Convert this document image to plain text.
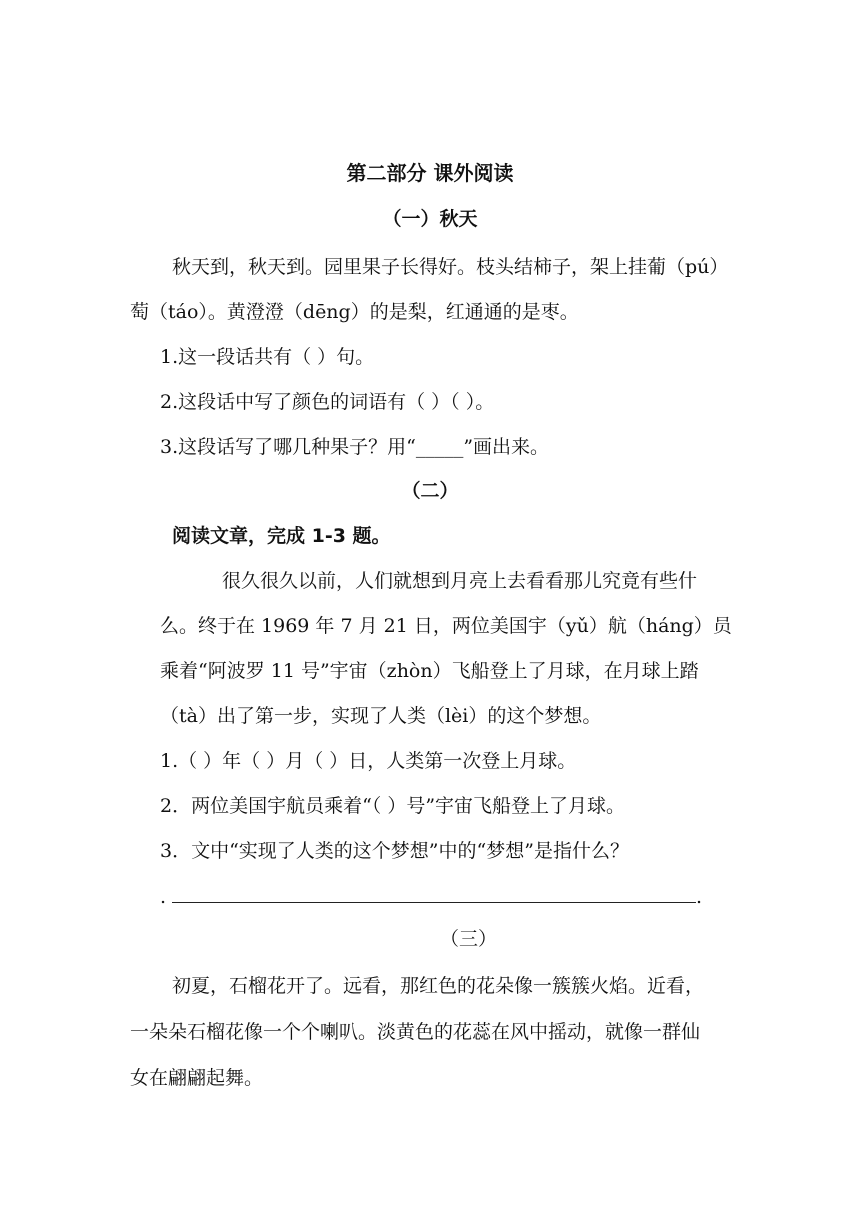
第二部分 课外阅读
（一）秋天
秋天到，秋天到。园里果子长得好。枝头结柿子，架上挂葡（pú）
萄（táo）。黄澄澄（dēng）的是梨，红通通的是枣。
1.这一段话共有（ ）句。
2.这段话中写了颜色的词语有（ ）（ ）。
3.这段话写了哪几种果子？用“_____”画出来。
（二）
阅读文章，完成 1-3 题。
很久很久以前，人们就想到月亮上去看看那儿究竟有些什
么。终于在 1969 年 7 月 21 日，两位美国宇（yǔ）航（háng）员
乘着“阿波罗 11 号”宇宙（zhòn）飞船登上了月球，在月球上踏
（tà）出了第一步，实现了人类（lèi）的这个梦想。
1.（ ）年（ ）月（ ）日，人类第一次登上月球。
2．两位美国宇航员乘着“（ ）号”宇宙飞船登上了月球。
3．文中“实现了人类的这个梦想”中的“梦想”是指什么？
.	.
（三）
初夏，石榴花开了。远看，那红色的花朵像一簇簇火焰。近看，
一朵朵石榴花像一个个喇叭。淡黄色的花蕊在风中摇动，就像一群仙
女在翩翩起舞。
